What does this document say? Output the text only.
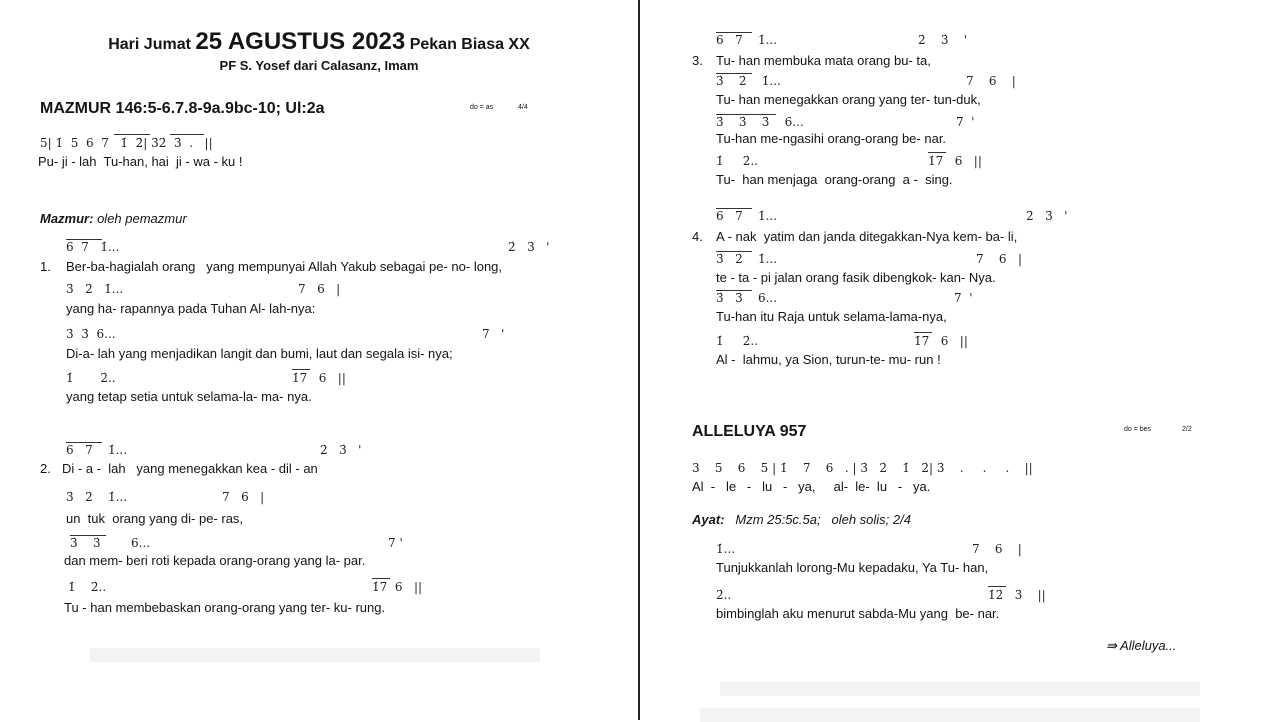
Hari Jumat 25 AGUSTUS 2023 Pekan Biasa XX
PF S. Yosef dari Calasanz, Imam
MAZMUR 146:5-6.7.8-9a.9bc-10; Ul:2a	do = as	4/4
5| 1̇  5  6  7   1̇  2̇| 3̇2̇  3̇  .   ||
Pu- ji - lah  Tu-han, hai  ji - wa - ku !
Mazmur: oleh pemazmur
6  7   1̇...	2̇   3̇   '
1. Ber-ba-hagialah orang   yang mempunyai Allah Yakub sebagai pe- no- long,
3̇   2̇   1̇...	7   6   |
yang ha- rapannya pada Tuhan Al- lah-nya:
3̇  3̇  6...	7   '
Di-a- lah yang menjadikan langit dan bumi, laut dan segala isi- nya;
1̇       2̇..	1̇7   6   ||
yang tetap setia untuk selama-la- ma- nya.
6   7    1̇...	2̇   3̇   '
2. Di - a -  lah   yang menegakkan kea - dil - an
3̇   2̇    1̇...	7   6   |
un  tuk  orang yang di- pe- ras,
3̇    3̇        6...	7 '
dan mem- beri roti kepada orang-orang yang la- par.
1̇    2̇..	1̇7  6   ||
Tu - han membebaskan orang-orang yang ter- ku- rung.
6   7    1̇...	2̇    3̇    '
3. Tu- han membuka mata orang bu- ta,
3̇    2̇    1̇...	7    6    |
Tu- han menegakkan orang yang ter- tun-duk,
3̇    3̇    3̇    6...	7  '
Tu-han me-ngasihi orang-orang be- nar.
1̇     2̇..	1̇7   6   ||
Tu-  han menjaga  orang-orang  a -  sing.
6   7    1̇...	2̇   3̇   '
4. A - nak  yatim dan janda ditegakkan-Nya kem- ba- li,
3̇   2̇    1̇...	7    6   |
te - ta - pi jalan orang fasik dibengkok- kan- Nya.
3̇   3̇    6...	7  '
Tu-han itu Raja untuk selama-lama-nya,
1̇     2̇..	1̇7   6   ||
Al -  lahmu, ya Sion, turun-te- mu- run !
ALLELUYA 957	do = bes	2/2
3    5    6    5 | 1̇    7    6   . | 3̇   2̇    1̇   2̇| 3̇    .     .     .    ||
Al  -   le   -   lu   -   ya,     al-  le-  lu   -   ya.
Ayat: Mzm 25:5c.5a; oleh solis; 2/4
1̇...	7    6    |
Tunjukkanlah lorong-Mu kepadaku, Ya Tu- han,
2̇..	1̇2̇   3̇    ||
bimbinglah aku menurut sabda-Mu yang  be- nar.
⇛ Alleluya...
